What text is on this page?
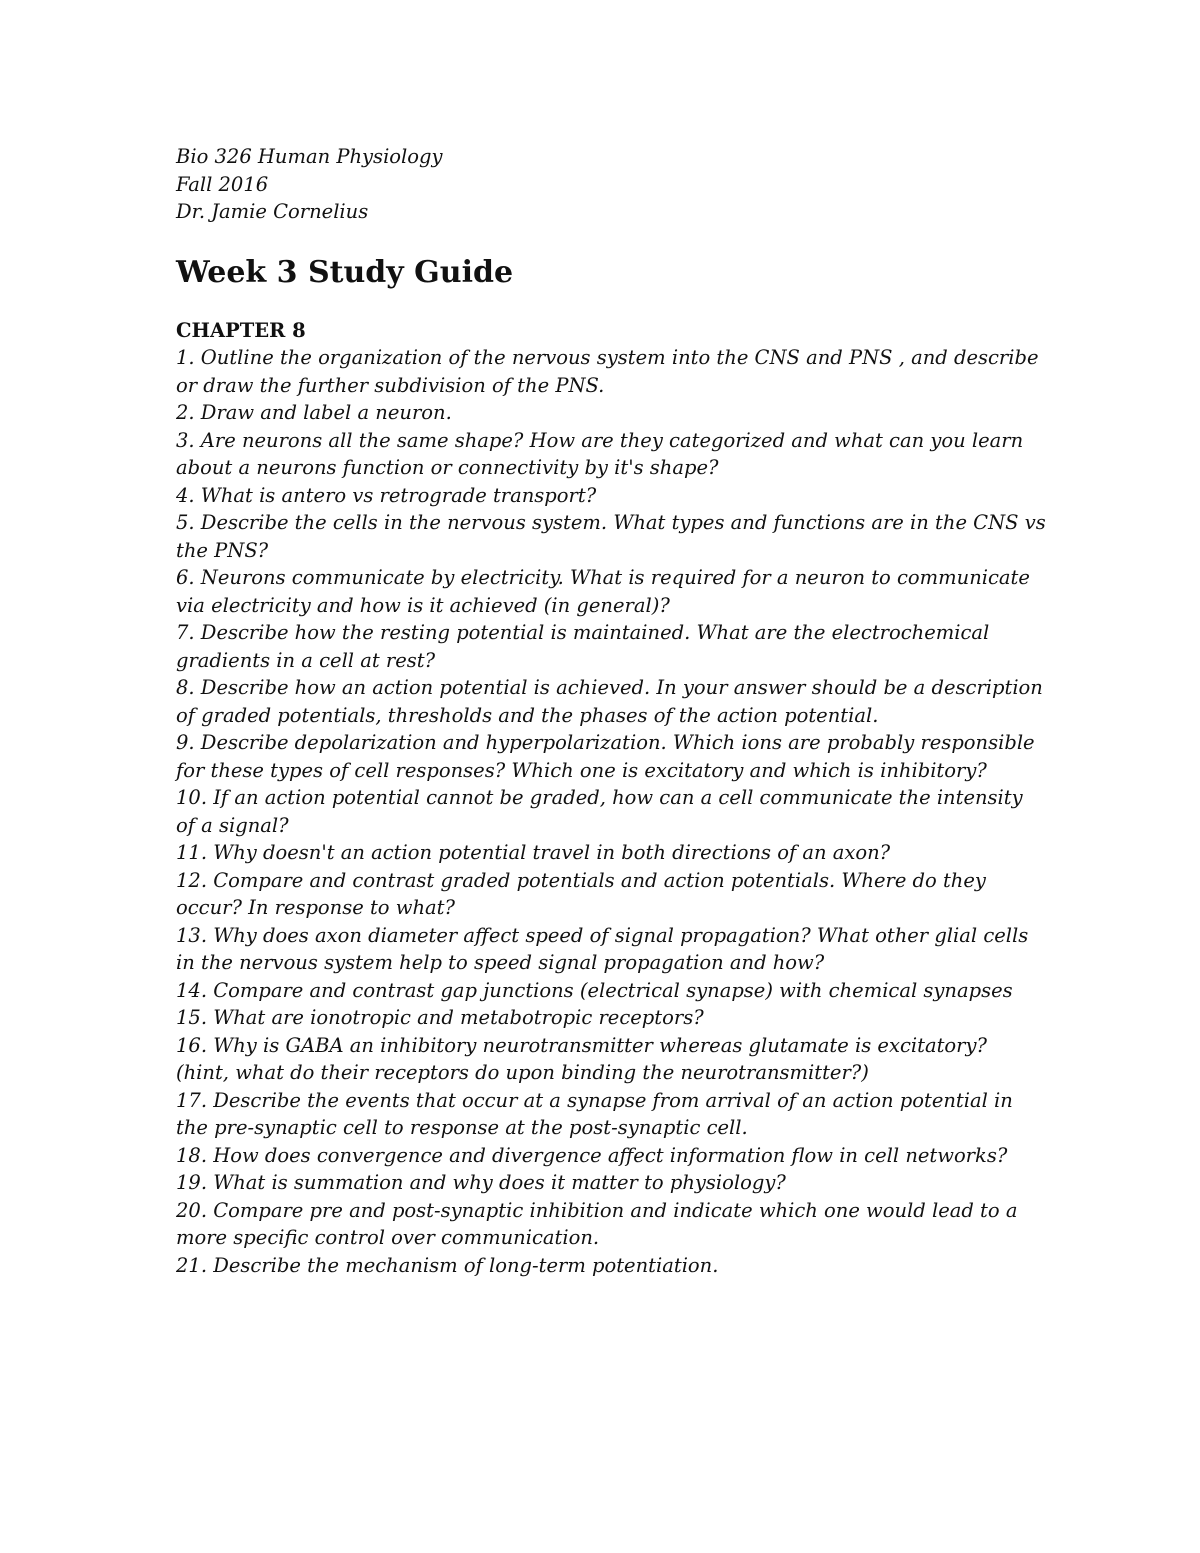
Bio 326 Human Physiology

Fall 2016

Dr. Jamie Cornelius

Week 3 Study Guide

CHAPTER 8

1. Outline the organization of the nervous system into the CNS and PNS , and describe
or draw the further subdivision of the PNS.
2. Draw and label a neuron.
3. Are neurons all the same shape? How are they categorized and what can you learn
about a neurons function or connectivity by it's shape?
4. What is antero vs retrograde transport?
5. Describe the cells in the nervous system. What types and functions are in the CNS vs
the PNS?
6. Neurons communicate by electricity. What is required for a neuron to communicate
via electricity and how is it achieved (in general)?
7. Describe how the resting potential is maintained. What are the electrochemical
gradients in a cell at rest?
8. Describe how an action potential is achieved. In your answer should be a description
of graded potentials, thresholds and the phases of the action potential.
9. Describe depolarization and hyperpolarization. Which ions are probably responsible
for these types of cell responses? Which one is excitatory and which is inhibitory?
10. If an action potential cannot be graded, how can a cell communicate the intensity
of a signal?
11. Why doesn't an action potential travel in both directions of an axon?
12. Compare and contrast graded potentials and action potentials. Where do they
occur? In response to what?
13. Why does axon diameter affect speed of signal propagation? What other glial cells
in the nervous system help to speed signal propagation and how?
14. Compare and contrast gap junctions (electrical synapse) with chemical synapses
15. What are ionotropic and metabotropic receptors?
16. Why is GABA an inhibitory neurotransmitter whereas glutamate is excitatory?
(hint, what do their receptors do upon binding the neurotransmitter?)
17. Describe the events that occur at a synapse from arrival of an action potential in
the pre-synaptic cell to response at the post-synaptic cell.
18. How does convergence and divergence affect information flow in cell networks?
19. What is summation and why does it matter to physiology?
20. Compare pre and post-synaptic inhibition and indicate which one would lead to a
more specific control over communication.
21. Describe the mechanism of long-term potentiation.
